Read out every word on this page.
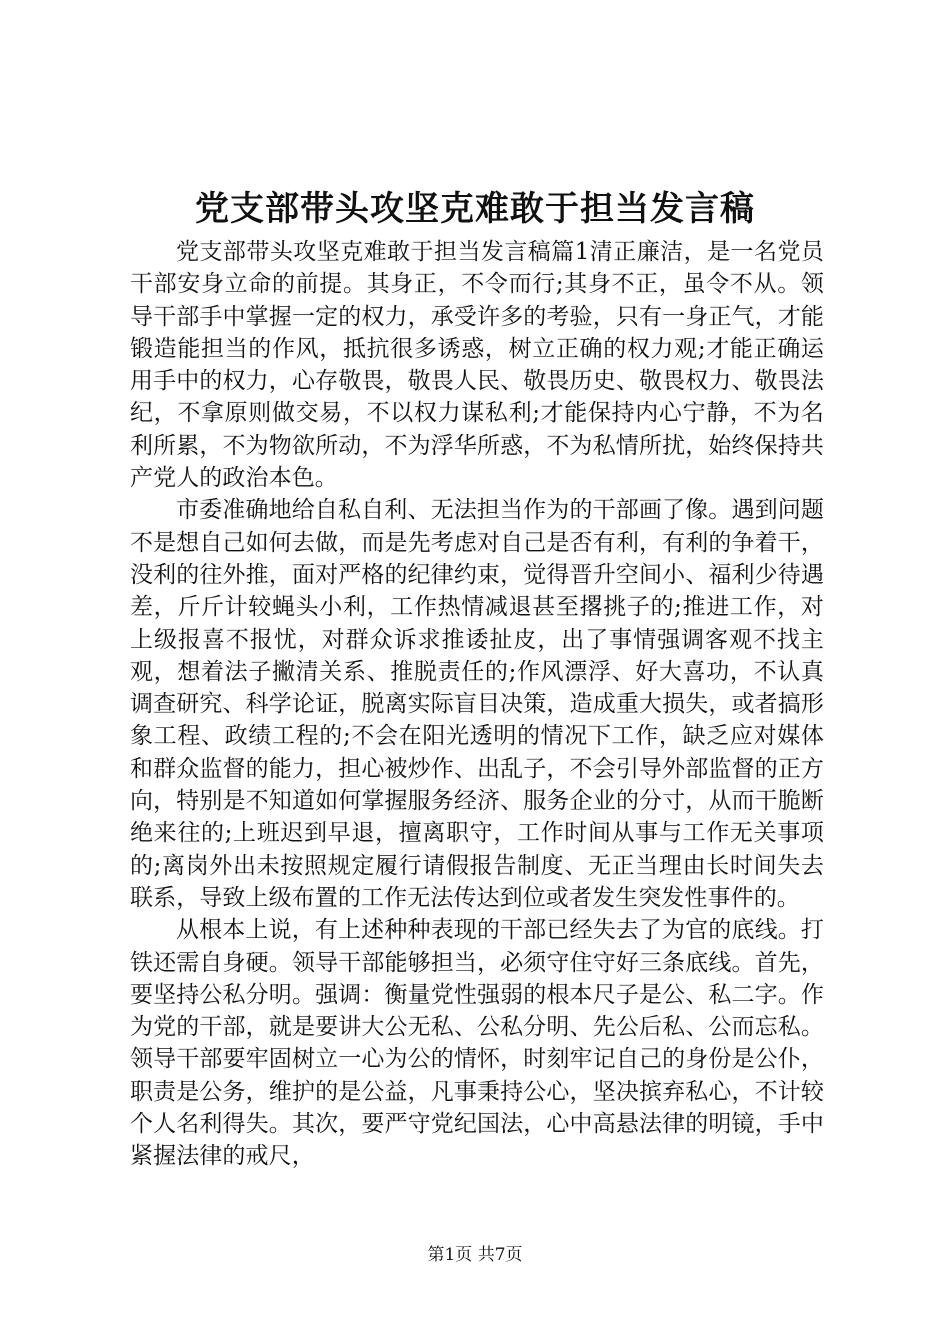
党支部带头攻坚克难敢于担当发言稿

党支部带头攻坚克难敢于担当发言稿篇1清正廉洁，是一名党员干部安身立命的前提。其身正，不令而行;其身不正，虽令不从。领导干部手中掌握一定的权力，承受许多的考验，只有一身正气，才能锻造能担当的作风，抵抗很多诱惑，树立正确的权力观;才能正确运用手中的权力，心存敬畏，敬畏人民、敬畏历史、敬畏权力、敬畏法纪，不拿原则做交易，不以权力谋私利;才能保持内心宁静，不为名利所累，不为物欲所动，不为浮华所惑，不为私情所扰，始终保持共产党人的政治本色。

市委准确地给自私自利、无法担当作为的干部画了像。遇到问题不是想自己如何去做，而是先考虑对自己是否有利，有利的争着干，没利的往外推，面对严格的纪律约束，觉得晋升空间小、福利少待遇差，斤斤计较蝇头小利，工作热情减退甚至撂挑子的;推进工作，对上级报喜不报忧，对群众诉求推诿扯皮，出了事情强调客观不找主观，想着法子撇清关系、推脱责任的;作风漂浮、好大喜功，不认真调查研究、科学论证，脱离实际盲目决策，造成重大损失，或者搞形象工程、政绩工程的;不会在阳光透明的情况下工作，缺乏应对媒体和群众监督的能力，担心被炒作、出乱子，不会引导外部监督的正方向，特别是不知道如何掌握服务经济、服务企业的分寸，从而干脆断绝来往的;上班迟到早退，擅离职守，工作时间从事与工作无关事项的;离岗外出未按照规定履行请假报告制度、无正当理由长时间失去联系，导致上级布置的工作无法传达到位或者发生突发性事件的。

从根本上说，有上述种种表现的干部已经失去了为官的底线。打铁还需自身硬。领导干部能够担当，必须守住守好三条底线。首先，要坚持公私分明。强调：衡量党性强弱的根本尺子是公、私二字。作为党的干部，就是要讲大公无私、公私分明、先公后私、公而忘私。领导干部要牢固树立一心为公的情怀，时刻牢记自己的身份是公仆，职责是公务，维护的是公益，凡事秉持公心，坚决摈弃私心，不计较个人名利得失。其次，要严守党纪国法，心中高悬法律的明镜，手中紧握法律的戒尺，

第1页 共7页
